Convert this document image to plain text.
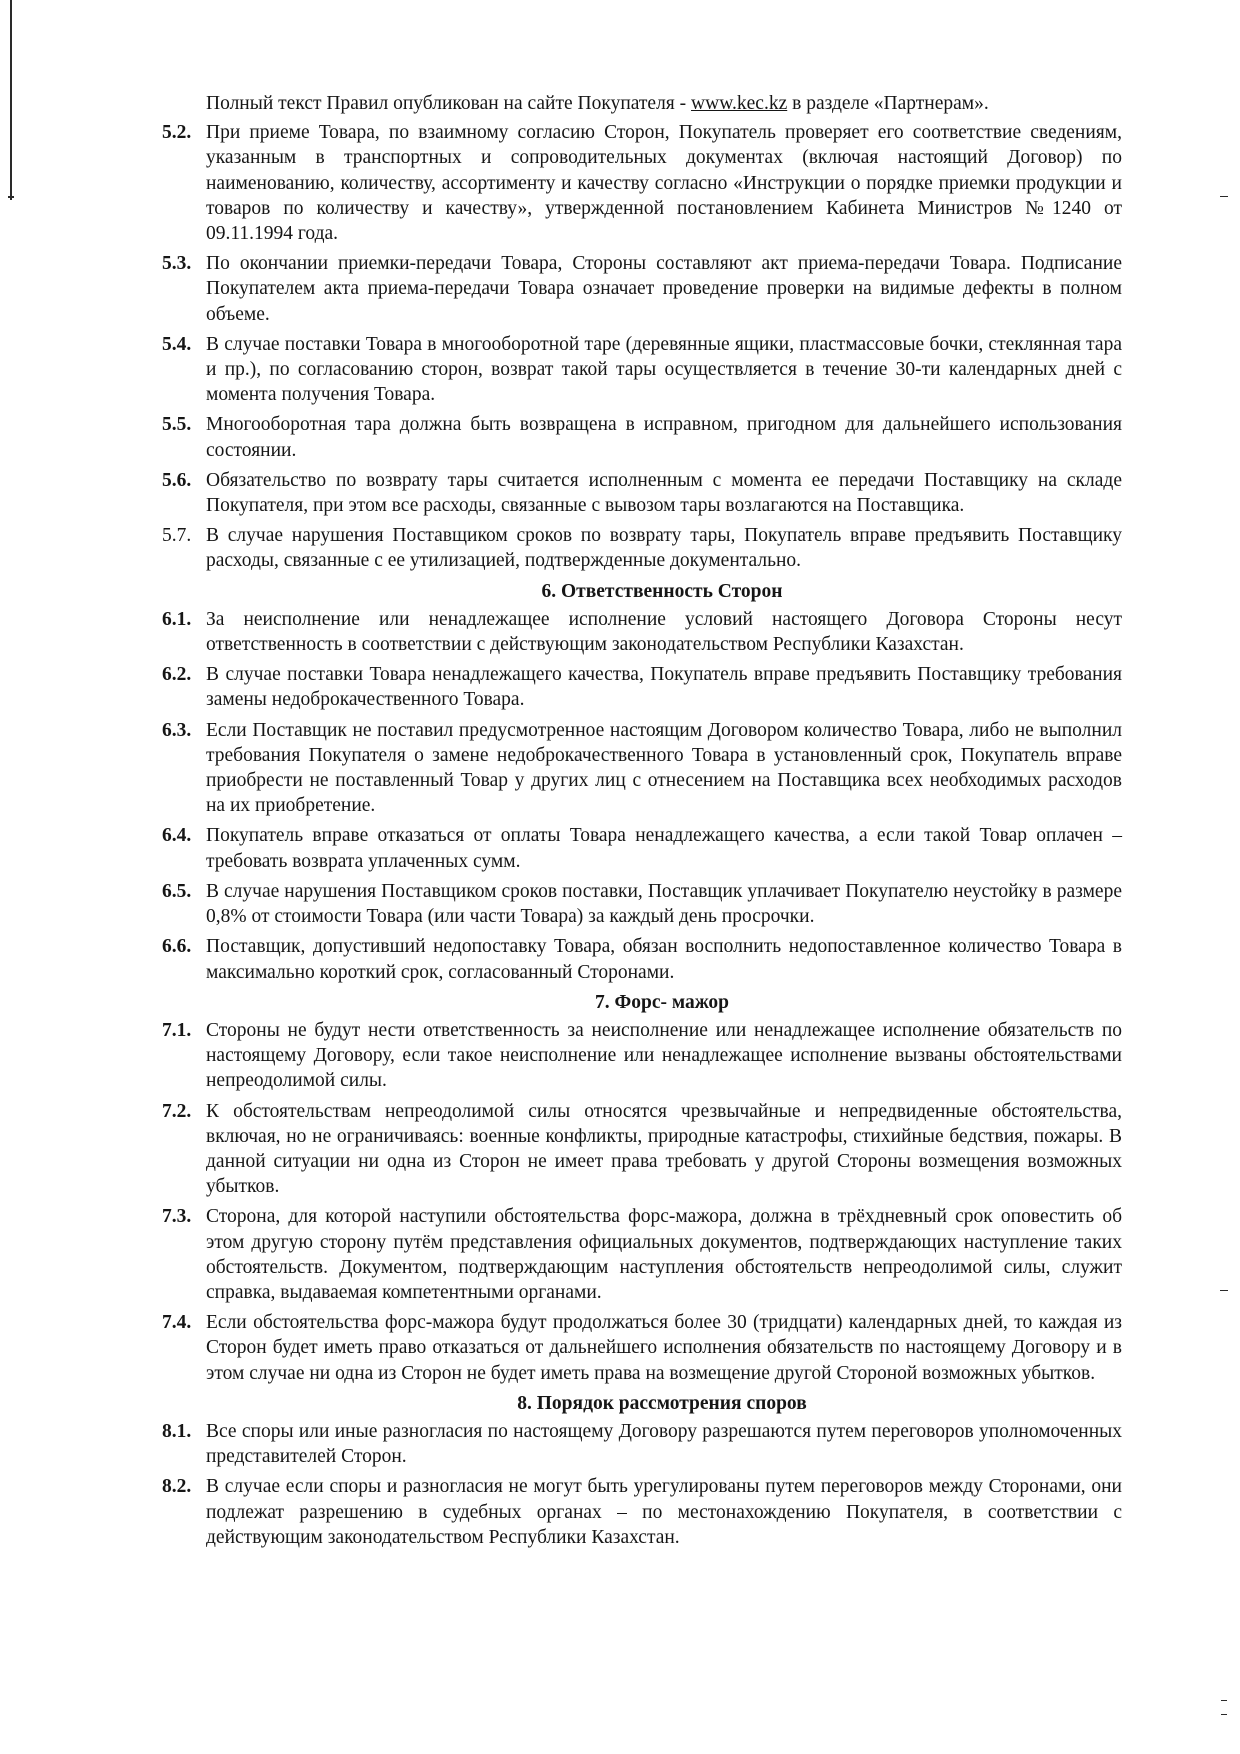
Полный текст Правил опубликован на сайте Покупателя - www.kec.kz в разделе «Партнерам».

5.2. При приеме Товара, по взаимному согласию Сторон, Покупатель проверяет его соответствие сведениям, указанным в транспортных и сопроводительных документах (включая настоящий Договор) по наименованию, количеству, ассортименту и качеству согласно «Инструкции о порядке приемки продукции и товаров по количеству и качеству», утвержденной постановлением Кабинета Министров №1240 от 09.11.1994 года.
5.3. По окончании приемки-передачи Товара, Стороны составляют акт приема-передачи Товара. Подписание Покупателем акта приема-передачи Товара означает проведение проверки на видимые дефекты в полном объеме.
5.4. В случае поставки Товара в многооборотной таре (деревянные ящики, пластмассовые бочки, стеклянная тара и пр.), по согласованию сторон, возврат такой тары осуществляется в течение 30-ти календарных дней с момента получения Товара.
5.5. Многооборотная тара должна быть возвращена в исправном, пригодном для дальнейшего использования состоянии.
5.6. Обязательство по возврату тары считается исполненным с момента ее передачи Поставщику на складе Покупателя, при этом все расходы, связанные с вывозом тары возлагаются на Поставщика.
5.7. В случае нарушения Поставщиком сроков по возврату тары, Покупатель вправе предъявить Поставщику расходы, связанные с ее утилизацией, подтвержденные документально.
6. Ответственность Сторон
6.1. За неисполнение или ненадлежащее исполнение условий настоящего Договора Стороны несут ответственность в соответствии с действующим законодательством Республики Казахстан.
6.2. В случае поставки Товара ненадлежащего качества, Покупатель вправе предъявить Поставщику требования замены недоброкачественного Товара.
6.3. Если Поставщик не поставил предусмотренное настоящим Договором количество Товара, либо не выполнил требования Покупателя о замене недоброкачественного Товара в установленный срок, Покупатель вправе приобрести не поставленный Товар у других лиц с отнесением на Поставщика всех необходимых расходов на их приобретение.
6.4. Покупатель вправе отказаться от оплаты Товара ненадлежащего качества, а если такой Товар оплачен – требовать возврата уплаченных сумм.
6.5. В случае нарушения Поставщиком сроков поставки, Поставщик уплачивает Покупателю неустойку в размере 0,8% от стоимости Товара (или части Товара) за каждый день просрочки.
6.6. Поставщик, допустивший недопоставку Товара, обязан восполнить недопоставленное количество Товара в максимально короткий срок, согласованный Сторонами.
7. Форс- мажор
7.1. Стороны не будут нести ответственность за неисполнение или ненадлежащее исполнение обязательств по настоящему Договору, если такое неисполнение или ненадлежащее исполнение вызваны обстоятельствами непреодолимой силы.
7.2. К обстоятельствам непреодолимой силы относятся чрезвычайные и непредвиденные обстоятельства, включая, но не ограничиваясь: военные конфликты, природные катастрофы, стихийные бедствия, пожары. В данной ситуации ни одна из Сторон не имеет права требовать у другой Стороны возмещения возможных убытков.
7.3. Сторона, для которой наступили обстоятельства форс-мажора, должна в трёхдневный срок оповестить об этом другую сторону путём представления официальных документов, подтверждающих наступление таких обстоятельств. Документом, подтверждающим наступления обстоятельств непреодолимой силы, служит справка, выдаваемая компетентными органами.
7.4. Если обстоятельства форс-мажора будут продолжаться более 30 (тридцати) календарных дней, то каждая из Сторон будет иметь право отказаться от дальнейшего исполнения обязательств по настоящему Договору и в этом случае ни одна из Сторон не будет иметь права на возмещение другой Стороной возможных убытков.
8. Порядок рассмотрения споров
8.1. Все споры или иные разногласия по настоящему Договору разрешаются путем переговоров уполномоченных представителей Сторон.
8.2. В случае если споры и разногласия не могут быть урегулированы путем переговоров между Сторонами, они подлежат разрешению в судебных органах – по местонахождению Покупателя, в соответствии с действующим законодательством Республики Казахстан.
